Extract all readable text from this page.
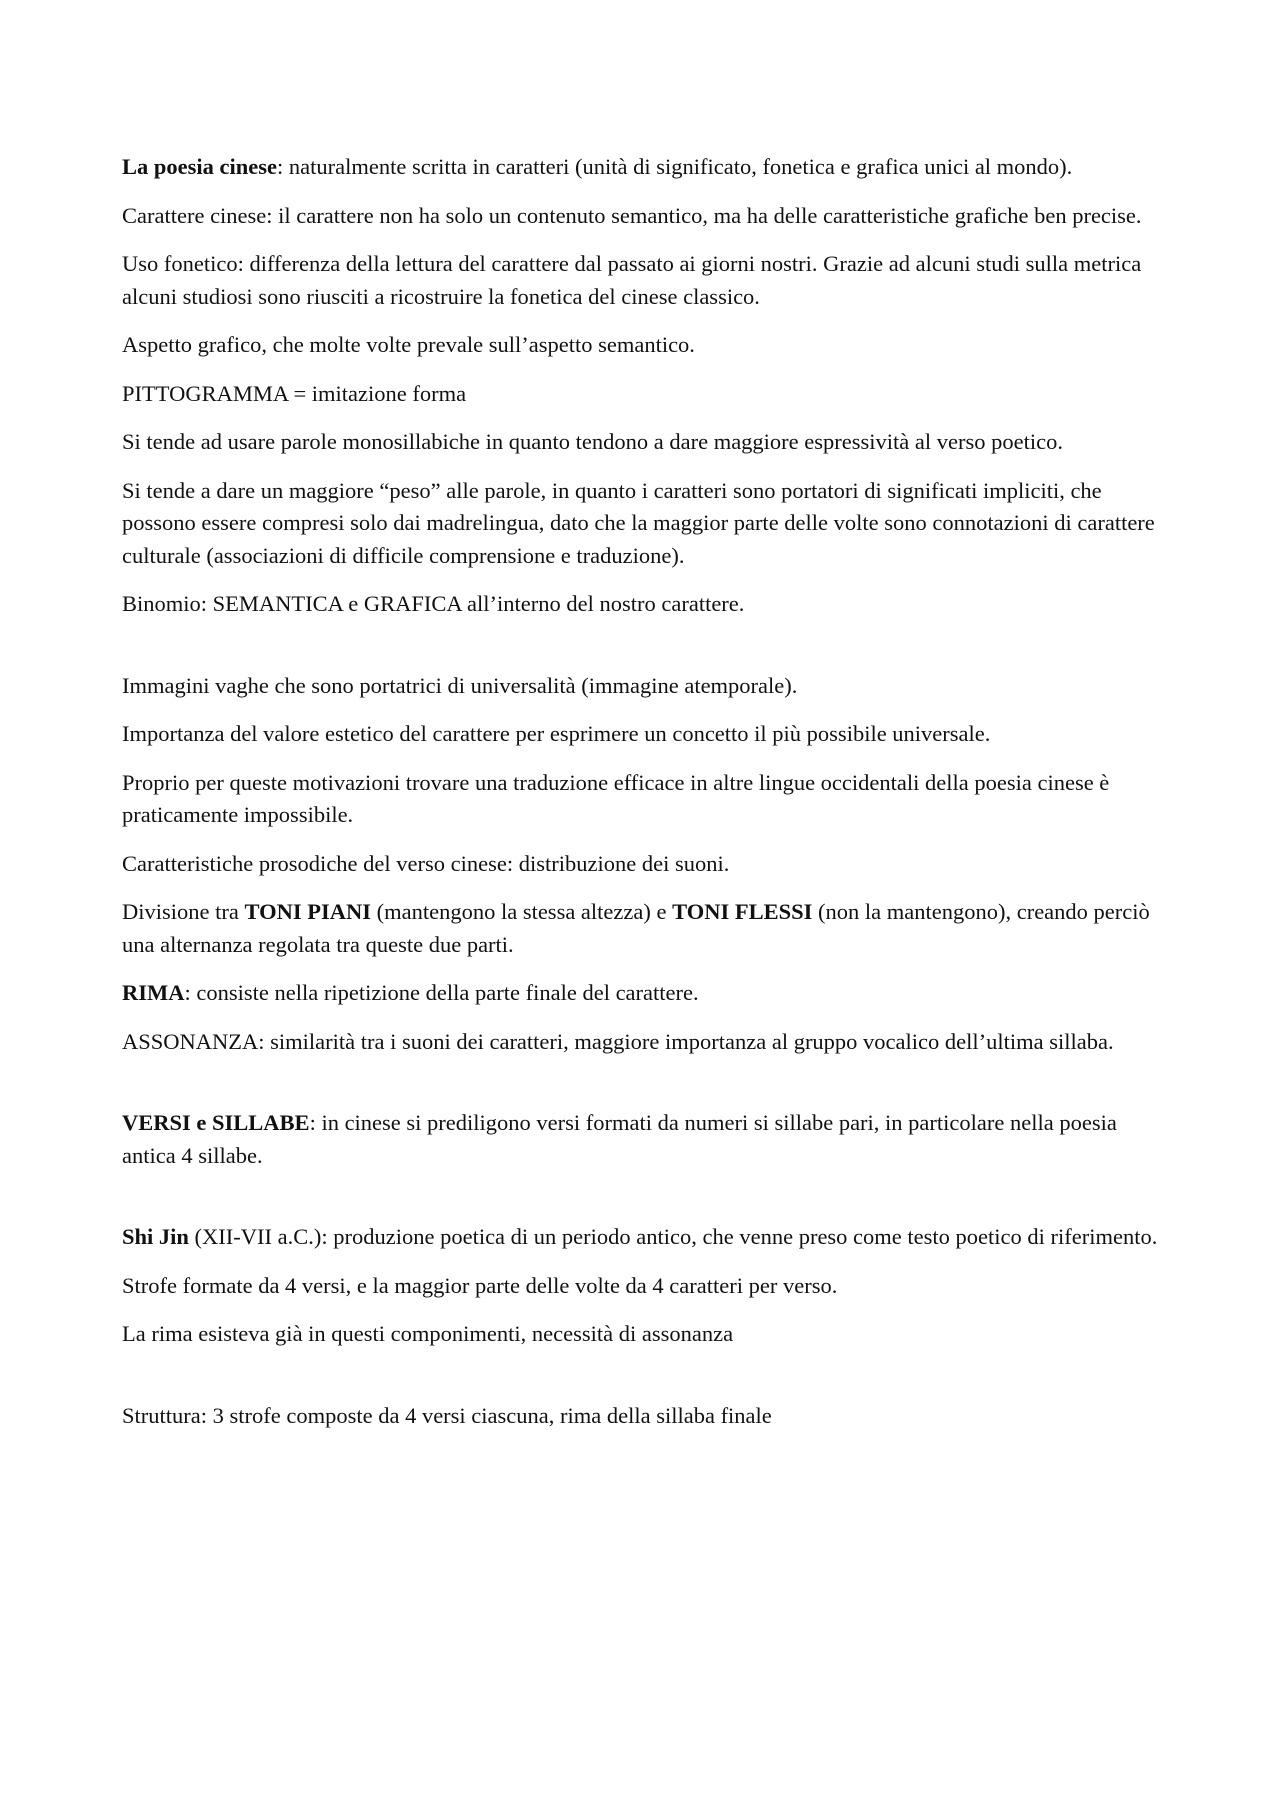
La poesia cinese: naturalmente scritta in caratteri (unità di significato, fonetica e grafica unici al mondo).

Carattere cinese: il carattere non ha solo un contenuto semantico, ma ha delle caratteristiche grafiche ben precise.

Uso fonetico: differenza della lettura del carattere dal passato ai giorni nostri. Grazie ad alcuni studi sulla metrica alcuni studiosi sono riusciti a ricostruire la fonetica del cinese classico.

Aspetto grafico, che molte volte prevale sull’aspetto semantico.

PITTOGRAMMA = imitazione forma

Si tende ad usare parole monosillabiche in quanto tendono a dare maggiore espressività al verso poetico.

Si tende a dare un maggiore “peso” alle parole, in quanto i caratteri sono portatori di significati impliciti, che possono essere compresi solo dai madrelingua, dato che la maggior parte delle volte sono connotazioni di carattere culturale (associazioni di difficile comprensione e traduzione).

Binomio: SEMANTICA e GRAFICA all’interno del nostro carattere.

Immagini vaghe che sono portatrici di universalità (immagine atemporale).

Importanza del valore estetico del carattere per esprimere un concetto il più possibile universale.

Proprio per queste motivazioni trovare una traduzione efficace in altre lingue occidentali della poesia cinese è praticamente impossibile.

Caratteristiche prosodiche del verso cinese: distribuzione dei suoni.

Divisione tra TONI PIANI (mantengono la stessa altezza) e TONI FLESSI (non la mantengono), creando perciò una alternanza regolata tra queste due parti.

RIMA: consiste nella ripetizione della parte finale del carattere.

ASSONANZA: similarità tra i suoni dei caratteri, maggiore importanza al gruppo vocalico dell’ultima sillaba.

VERSI e SILLABE: in cinese si prediligono versi formati da numeri si sillabe pari, in particolare nella poesia antica 4 sillabe.

Shi Jin (XII-VII a.C.): produzione poetica di un periodo antico, che venne preso come testo poetico di riferimento.

Strofe formate da 4 versi, e la maggior parte delle volte da 4 caratteri per verso.

La rima esisteva già in questi componimenti, necessità di assonanza

Struttura: 3 strofe composte da 4 versi ciascuna, rima della sillaba finale
